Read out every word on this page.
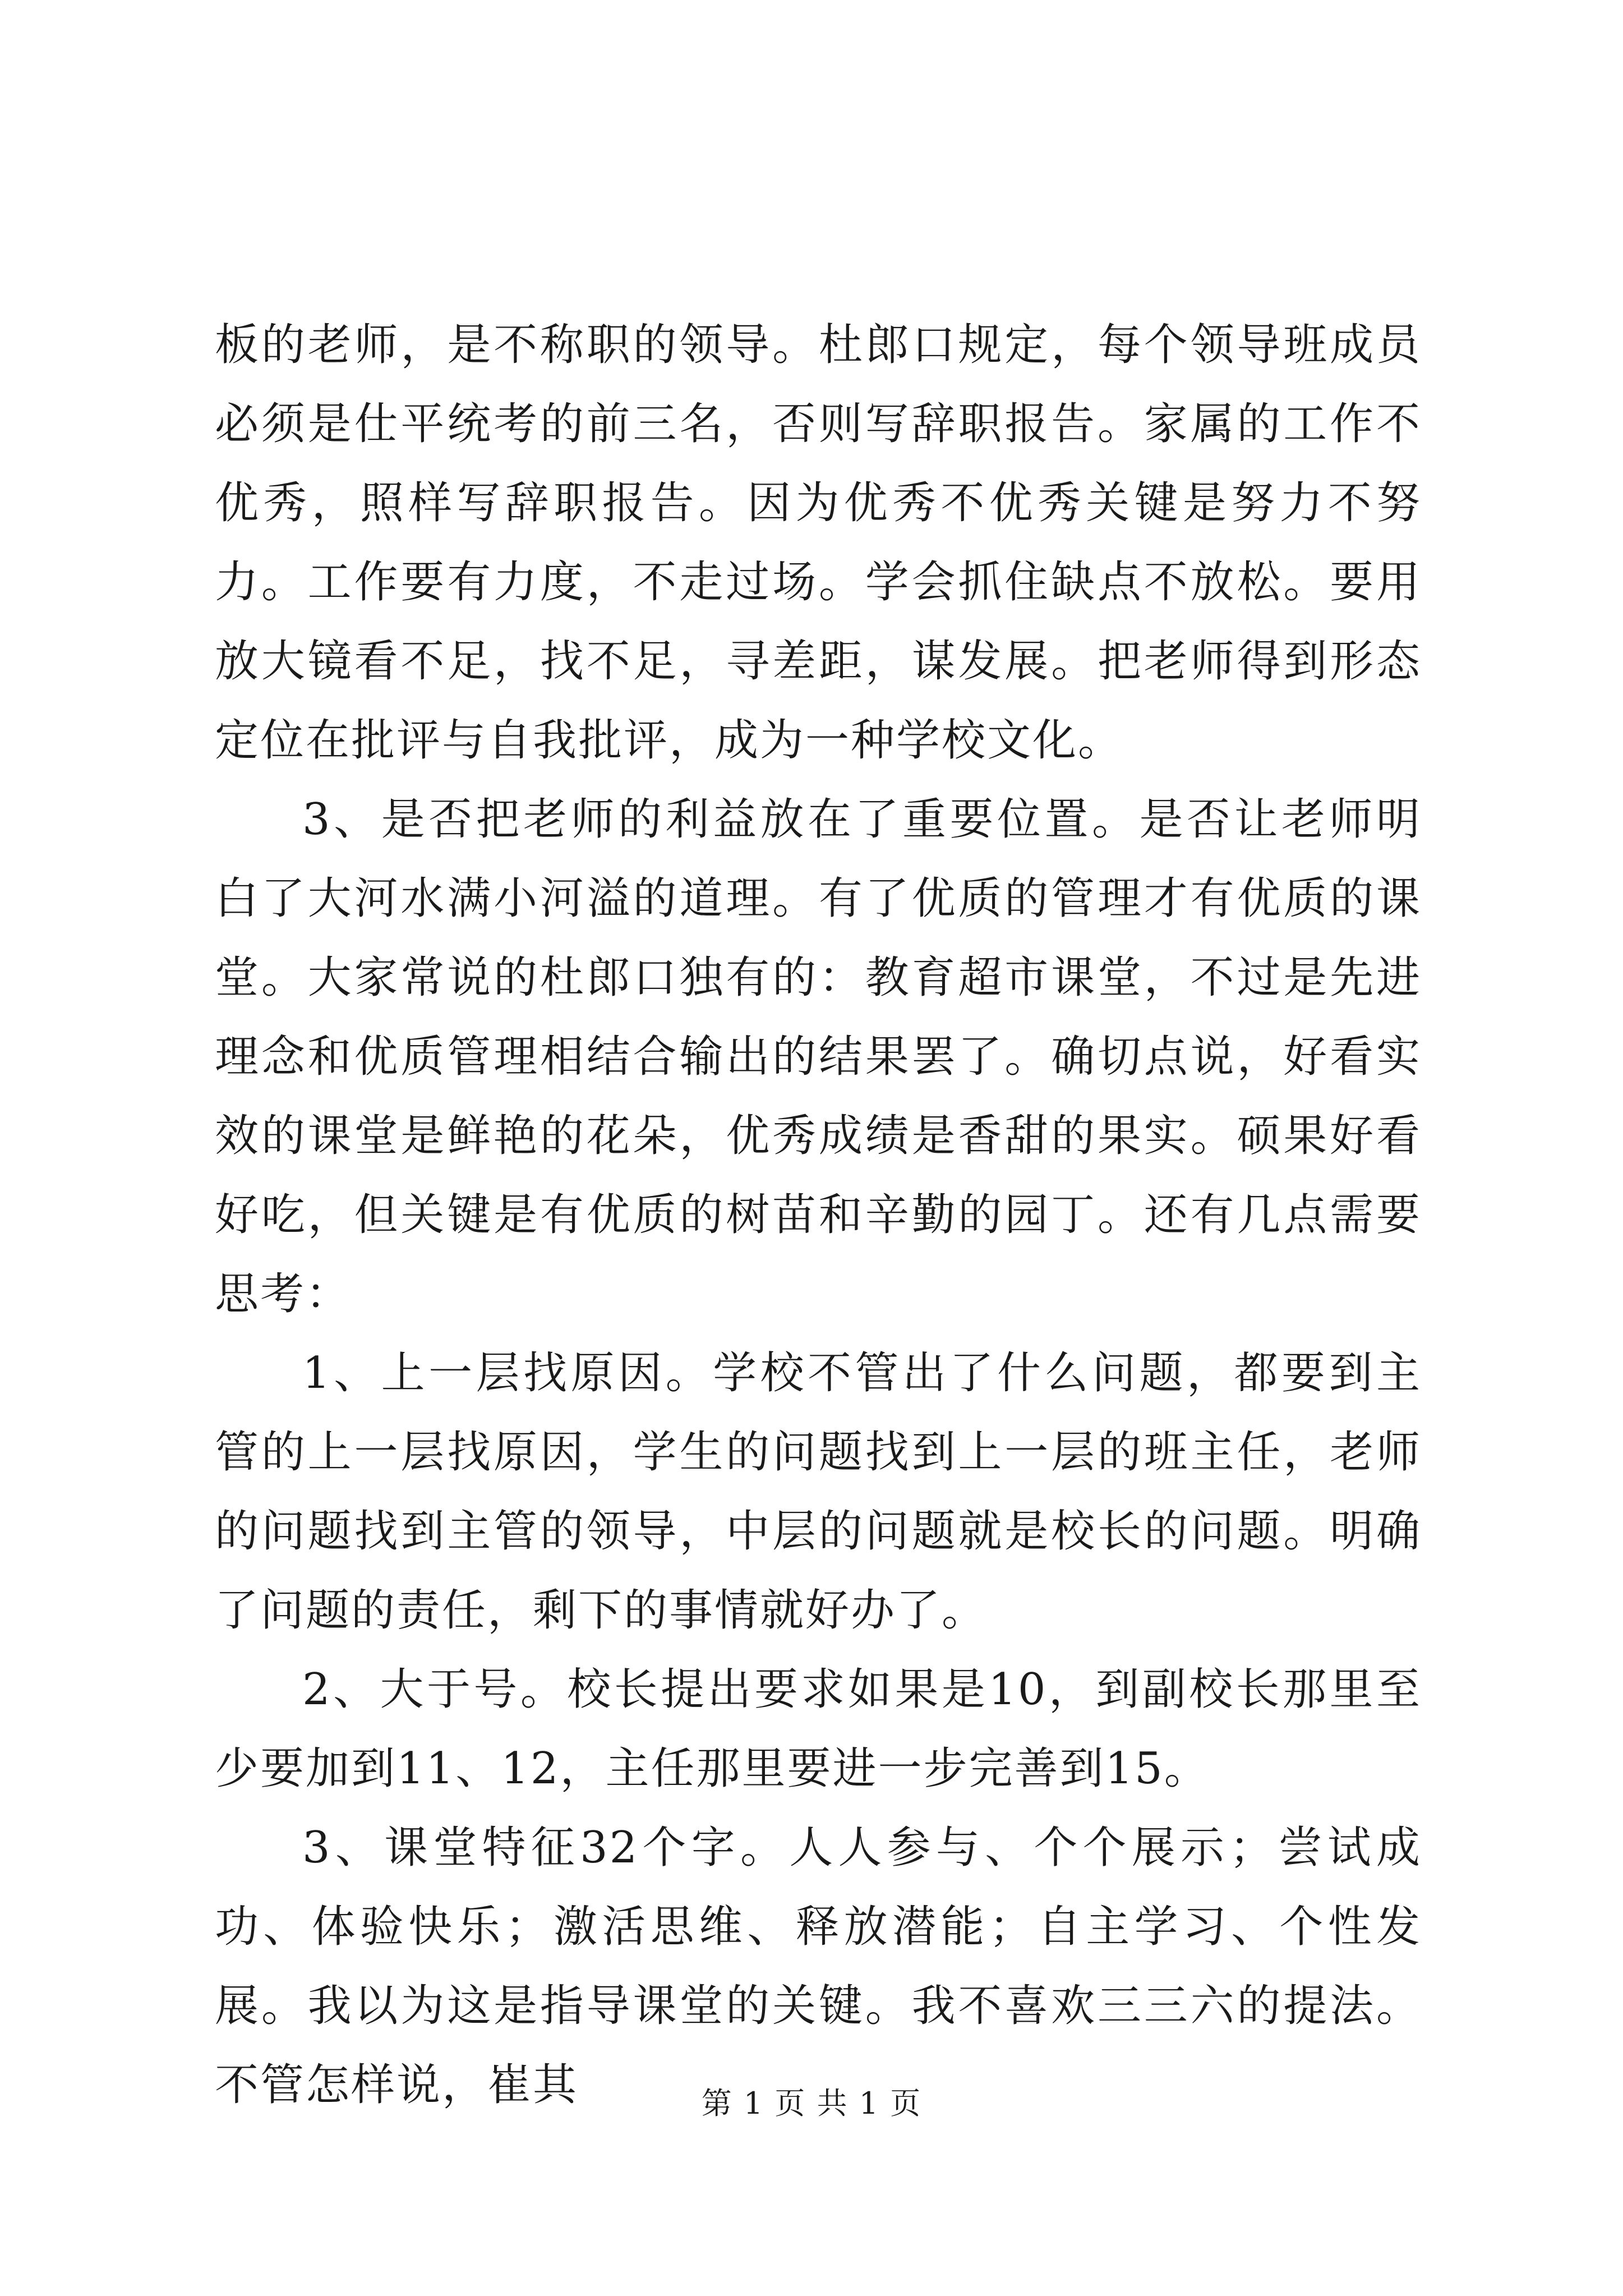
板的老师，是不称职的领导。杜郎口规定，每个领导班成员必须是仕平统考的前三名，否则写辞职报告。家属的工作不优秀，照样写辞职报告。因为优秀不优秀关键是努力不努力。工作要有力度，不走过场。学会抓住缺点不放松。要用放大镜看不足，找不足，寻差距，谋发展。把老师得到形态定位在批评与自我批评，成为一种学校文化。

3、是否把老师的利益放在了重要位置。是否让老师明白了大河水满小河溢的道理。有了优质的管理才有优质的课堂。大家常说的杜郎口独有的：教育超市课堂，不过是先进理念和优质管理相结合输出的结果罢了。确切点说，好看实效的课堂是鲜艳的花朵，优秀成绩是香甜的果实。硕果好看好吃，但关键是有优质的树苗和辛勤的园丁。还有几点需要思考：

1、上一层找原因。学校不管出了什么问题，都要到主管的上一层找原因，学生的问题找到上一层的班主任，老师的问题找到主管的领导，中层的问题就是校长的问题。明确了问题的责任，剩下的事情就好办了。

2、大于号。校长提出要求如果是10，到副校长那里至少要加到11、12，主任那里要进一步完善到15。

3、课堂特征32个字。人人参与、个个展示；尝试成功、体验快乐；激活思维、释放潜能；自主学习、个性发展。我以为这是指导课堂的关键。我不喜欢三三六的提法。不管怎样说，崔其	第 1 页 共 1 页
